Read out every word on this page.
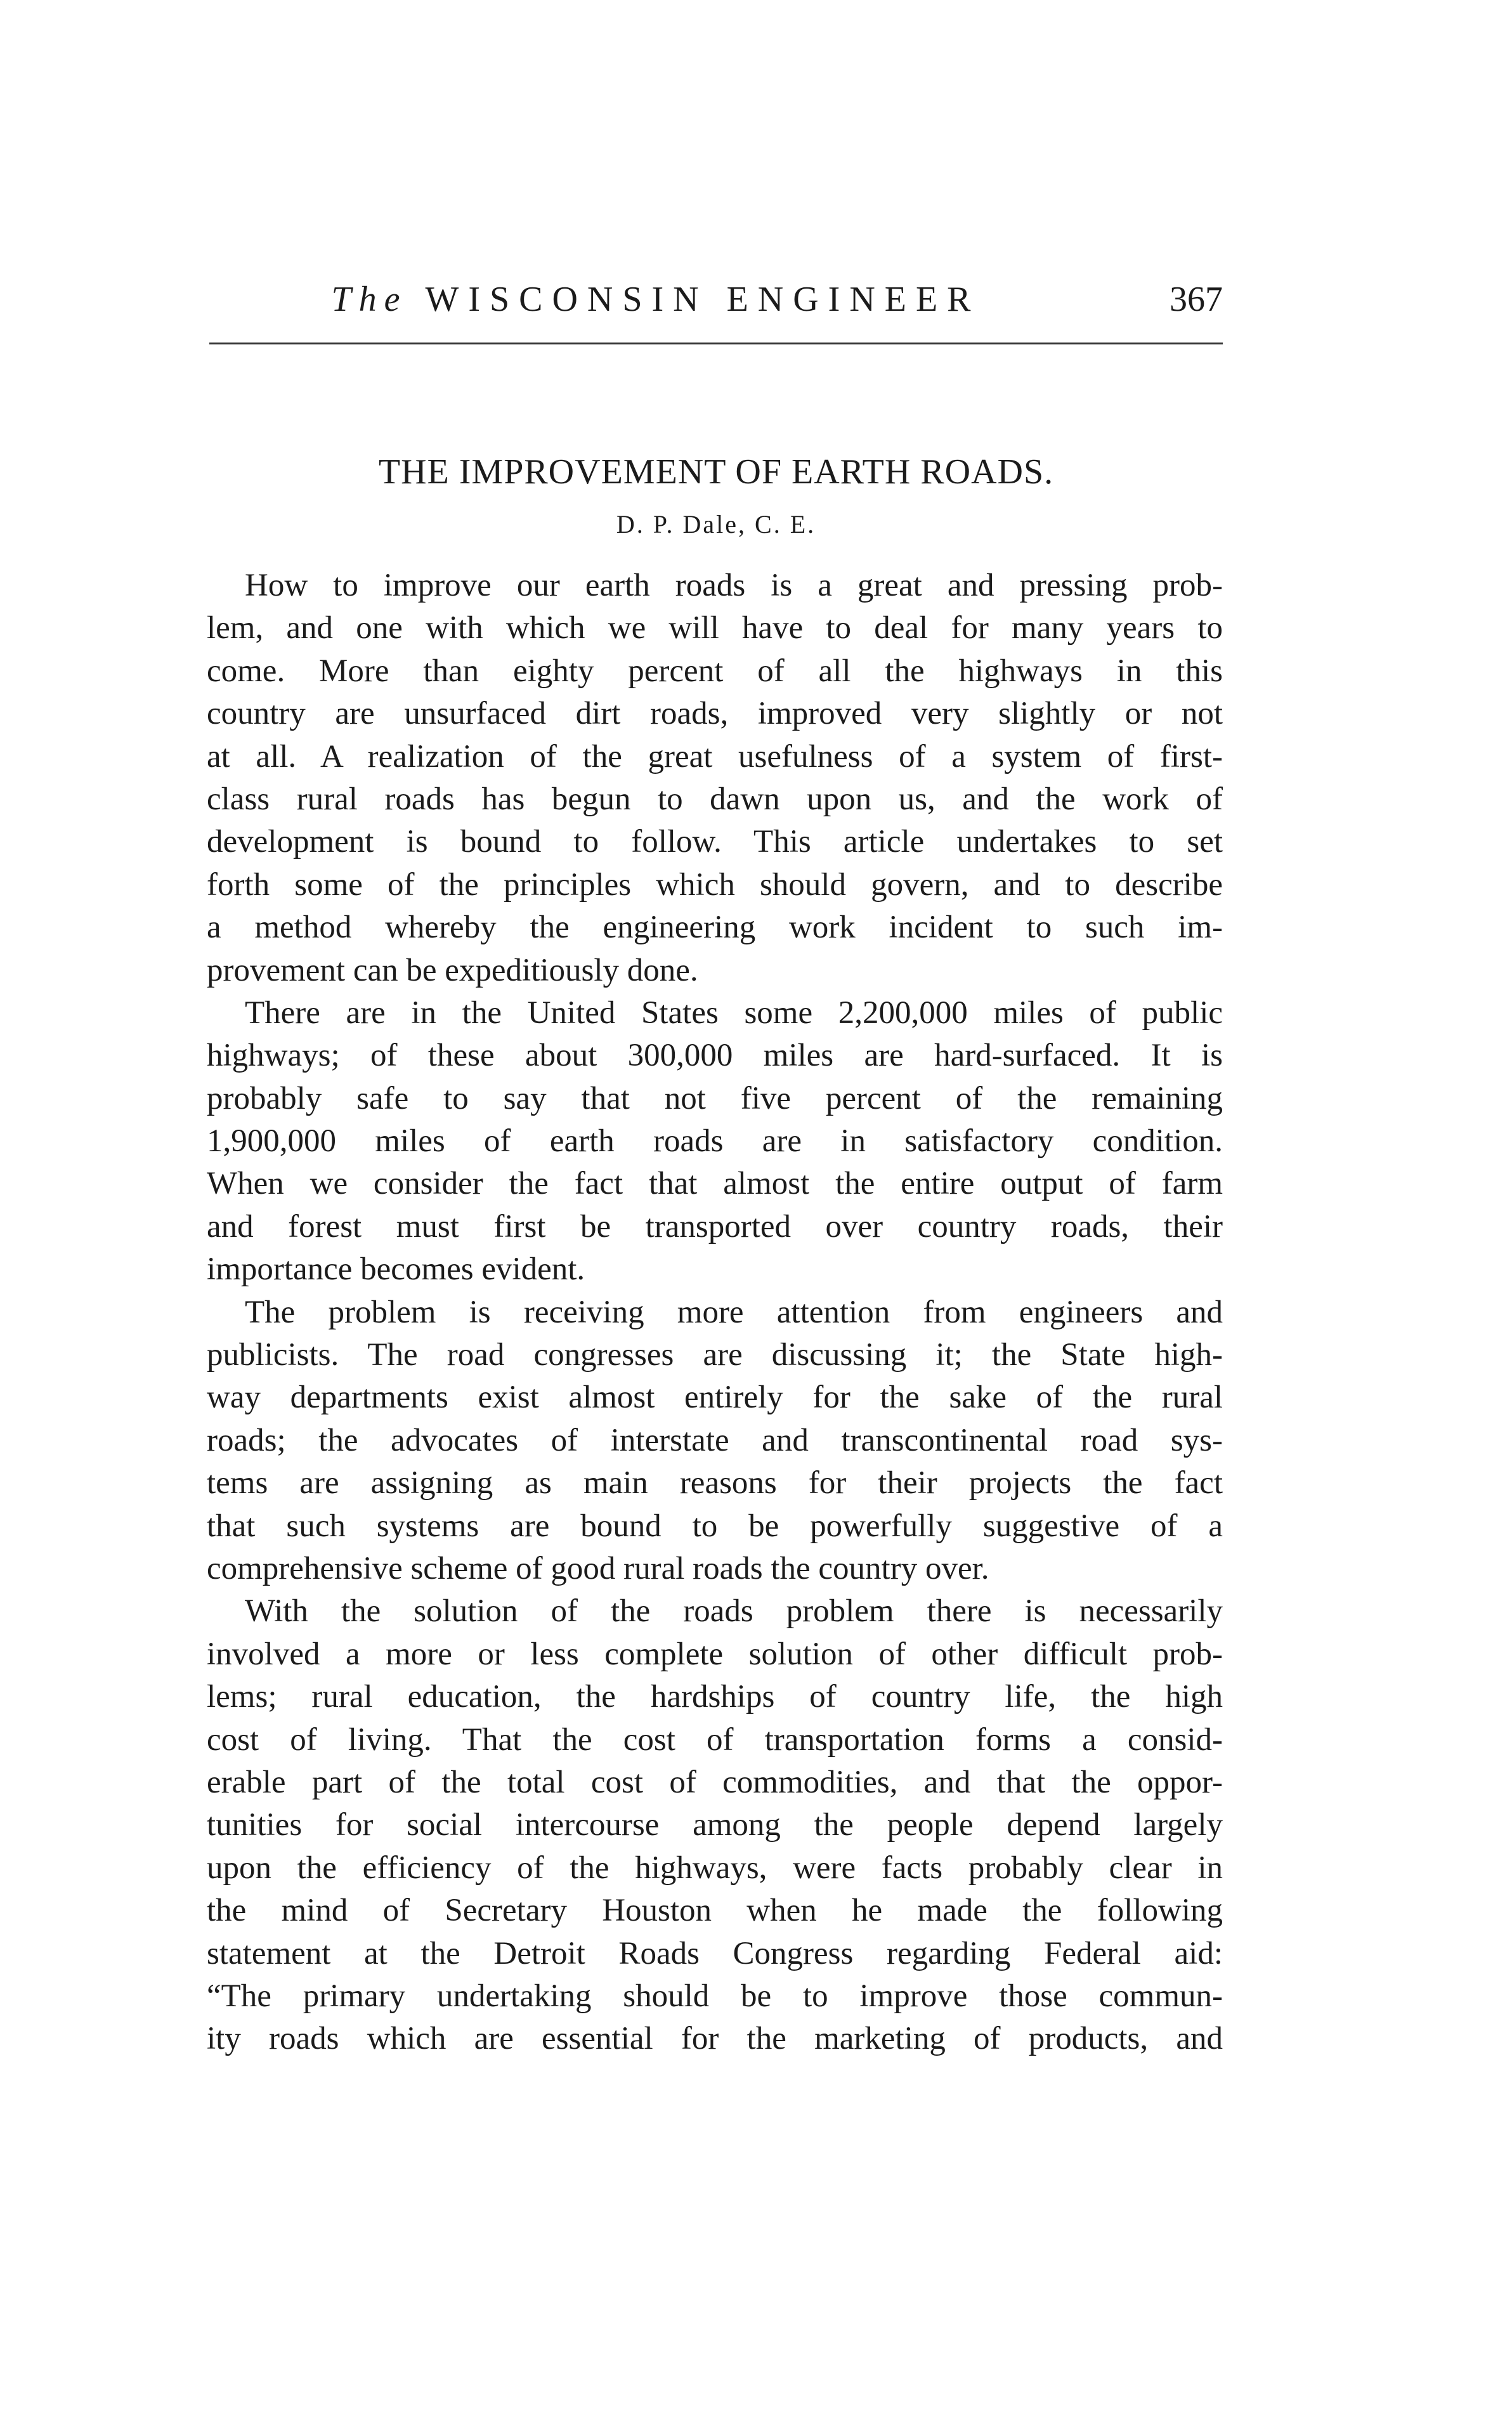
The WISCONSIN ENGINEER	367
THE IMPROVEMENT OF EARTH ROADS.
D. P. Dale, C. E.

How to improve our earth roads is a great and pressing prob-
lem, and one with which we will have to deal for many years to
come. More than eighty percent of all the highways in this
country are unsurfaced dirt roads, improved very slightly or not
at all. A realization of the great usefulness of a system of first-
class rural roads has begun to dawn upon us, and the work of
development is bound to follow. This article undertakes to set
forth some of the principles which should govern, and to describe
a method whereby the engineering work incident to such im-
provement can be expeditiously done.

There are in the United States some 2,200,000 miles of public
highways; of these about 300,000 miles are hard-surfaced. It is
probably safe to say that not five percent of the remaining
1,900,000 miles of earth roads are in satisfactory condition.
When we consider the fact that almost the entire output of farm
and forest must first be transported over country roads, their
importance becomes evident.

The problem is receiving more attention from engineers and
publicists. The road congresses are discussing it; the State high-
way departments exist almost entirely for the sake of the rural
roads; the advocates of interstate and transcontinental road sys-
tems are assigning as main reasons for their projects the fact
that such systems are bound to be powerfully suggestive of a
comprehensive scheme of good rural roads the country over.

With the solution of the roads problem there is necessarily
involved a more or less complete solution of other difficult prob-
lems; rural education, the hardships of country life, the high
cost of living. That the cost of transportation forms a consid-
erable part of the total cost of commodities, and that the oppor-
tunities for social intercourse among the people depend largely
upon the efficiency of the highways, were facts probably clear in
the mind of Secretary Houston when he made the following
statement at the Detroit Roads Congress regarding Federal aid:
“The primary undertaking should be to improve those commun-
ity roads which are essential for the marketing of products, and
